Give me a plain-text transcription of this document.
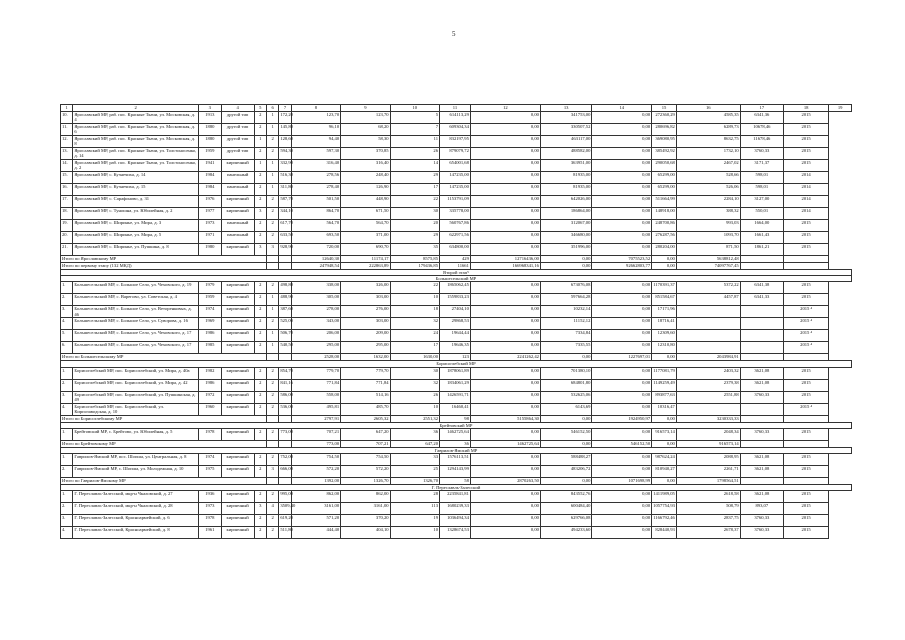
5
1	2	3	4	5	6	7	8	9	10	11	12	13	14	15	16	17	18	19
10.	Ярославский МР, раб. пос. Красные Ткачи, ул. Московская, д. 4	1913	другой тип	2	1	172,20	123,70	123,70	5	614113,29	0,00	341753,00	0,00	272360,29	4585,35	6341,36	2015	
11.	Ярославский МР, раб. пос. Красные Ткачи, ул. Московская, д. 6	1880	другой тип	2	1	145,80	96,10	68,20	7	609304,34	0,00	330507,52	0,00	280696,82	6289,73	10678,46	2015	
12.	Ярославский МР, раб. пос. Красные Ткачи, ул. Московская, д. 8	1880	другой тип	1	2	128,60	94,40	58,30	11	832197,95	0,00	463117,00	0,00	369080,95	8632,75	11678,46	2015	
13.	Ярославский МР, раб. пос. Красные Ткачи, ул. Толстоносенко, д. 14	1959	другой тип	2	2	594,30	597,30	370,85	26	879079,72	0,00	488582,00	0,00	385492,92	1732,10	3760,33	2015	
14.	Ярославский МР, раб. пос. Красные Ткачи, ул. Толстоносенко, д. 2	1941	кирпичный	1	1	332,90	316,40	316,40	14	654001,68	0,00	363951,00	0,00	290050,68	2467,02	3171,37	2015	
15.	Ярославский МР, с. Кузнечиха, д. 14	1984	панельный	2	1	516,30	278,56	248,40	29	147235,00	0,00	81935,00	0,00	65299,00	528,66	598,01	2014	
16.	Ярославский МР, с. Кузнечиха, д. 15	1984	панельный	2	1	311,80	278,40	126,90	17	147235,00	0,00	81935,00	0,00	65299,00	526,06	598,01	2014	
17.	Ярославский МР, с. Сарафоново, д. 31	1976	кирпичный	2	2	587,70	501,50	448,90	22	1153791,09	0,00	642026,00	0,00	511664,99	2284,10	3127,00	2014	
18.	Ярославский МР, с. Туношна, ул. Юбилейная, д. 2	1977	кирпичный	3	2	344,10	864,70	671,50	30	335778,00	0,00	186864,00	0,00	148918,00	388,32	550,01	2014	
19.	Ярославский МР, с. Ширинье, ул. Мира, д. 3	1973	панельный	2	2	617,70	564,70	564,70	20	560767,86	0,00	312067,00	0,00	248700,86	993,03	1664,00	2015	
20.	Ярославский МР, с. Ширинье, ул. Мира, д. 5	1971	панельный	2	2	633,50	693,50	371,00	29	622971,56	0,00	346680,00	0,00	276287,56	1093,70	1661,43	2015	
21.	Ярославский МР, с. Ширинье, ул. Пушкина, д. 8	1980	кирпичный	3	3	928,90	720,00	690,70	35	634800,00	0,00	351996,00	0,00	280204,00	871,50	1861,21	2015	
Итого по Ярославскому МР							12640,30	11174,17	8575,85	429	12716436,00	0,00	7075523,52	0,00	5638812,48			
Итого по первому этапу (132 МКД)							247948,54	222863,89	179436,85	11661	166968341,16	0,00	92662803,77	0,00	74097767,45			
Второй этап$^5$
Большесельский МР																		
1.	Большесельский МР, с. Большое Село, ул. Чеховского, д. 19	1979	кирпичный	2	2	498,80	338,00	326,00	22	1865062,45	0,00	673076,08	0,00	1170391,37	5372,22	6341,38	2015	
2.	Большесельский МР, с. Варегово, ул. Советская, д. 4	1959	кирпичный	2	1	488,90	305,00	303,00	10	1559833,23	0,00	597664,28	0,00	851584,67	4457,87	6341,33	2015	
3.	Большесельский МР, с. Большое Село, ул. Веторенковых, д. 46	1974	кирпичный	2	1	387,60	278,00	276,00	18	27404,10	0,00	10232,14	0,00	17171,96			2015 ⁴	
4.	Большесельский МР, с. Большое Село, ул. Суворова, д. 16	1969	кирпичный	2	2	525,00	343,00	303,00	32	29868,53	0,00	11152,12	0,00	18716,41			2015 ⁴	
5.	Большесельский МР, с. Большое Село, ул. Чеховского, д. 17	1986	кирпичный	2	1	506,70	206,00	209,00	24	19644,44	0,00	7334,84	0,00	12309,60			2015 ⁴	
6.	Большесельский МР, с. Большое Село, ул. Чеховского, д. 17	1985	кирпичный	2	1	540,50	295,00	295,00	17	19646,35	0,00	7335,55	0,00	12310,80			2015 ⁴	
Итого по Большесельскому МР							2528,00	1632,00	1630,00	123	2241262,42	0,00	1227697,01	0,00	2043984,91			
Борисоглебский МР																		
1.	Борисоглебский МР, пос. Борисоглебский, ул. Мира, д. 40а	1982	кирпичный	2	2	854,70	779,70	779,70	30	1878061,89	0,00	701380,10	0,00	1177081,79	2403,32	3621,08	2015	
2.	Борисоглебский МР, пос. Борисоглебский, ул. Мира, д. 42	1986	кирпичный	2	2	841,16	771,84	771,84	32	1834061,29	0,00	684801,80	0,00	1149259,49	2379,38	3621,08	2015	
3.	Борисоглебский МР, пос. Борисоглебский, ул. Пушкинская, д. 49	1972	кирпичный	2	2	586,00	558,00	514,16	26	1426591,71	0,00	532625,06	0,00	893877,63	2551,88	3760,33	2015	
4.	Борисоглебский МР, пос. Борисоглебский, ул. Кирпозаводская, д. 10	1960	кирпичный	2	2	536,00	495,81	485,70	10	16460,41	0,00	6143,69	0,00	10316,47			2015 ⁴	
Итого по Борисоглебскому МР							2797,91	2605,32	2551,32	98	5155864,30	0,00	1924950,97	0,00	3230333,33			
Брейтовский МР																		
1.	Брейтовский МР, с. Брейтово, ул. Юбилейная, д. 5	1978	кирпичный	2	2	773,00	707,21	647,20	36	1462725,64	0,00	546152,50	0,00	916573,14	2048,34	3760,33	2015	
Итого по Брейтовскому МР							773,00	707,21	647,20	36	1462725,64	0,00	546152,50	0,00	916573,14			
Гаврилов-Ямский МР																		
1.	Гаврилов-Ямский МР, пос. Шопша, ул. Центральная, д. 8	1974	кирпичный	2	2	752,00	754,50	754,50	33	1576113,51	0,00	588488,27	0,00	987624,24	2088,95	3621,08	2015	
2.	Гаврилов-Ямский МР, с. Шопша, ул. Молодежная, д. 10	1975	кирпичный	2	3	666,00	572,20	572,20	25	1294143,99	0,00	483206,72	0,00	810940,27	2261,71	3621,08	2015	
Итого по Гаврилов-Ямскому МР							1392,00	1326,70	1326,70	58	2870263,50	0,00	1071698,99	0,00	1798564,51			
Г. Переславль-Залесский																		
1.	Г. Переславль-Залесский, мкр-н Чкаловский, д. 27	1936	кирпичный	2	2	995,00	862,00	862,00	28	2235841,81	0,00	843552,76	0,00	1411989,05	2618,58	3621,08	2015	
2.	Г. Переславль-Залесский, мкр-н Чкаловский, д. 28	1973	кирпичный	3	4	3509,40	3161,00	3161,00	113	1680239,33	0,00	600484,40	0,00	1057754,93	508,79	893,07	2015	
3.	Г. Переславль-Залесский, Красноармейский, д. 6	1978	кирпичный	2	2	619,20	571,20	370,20	19	1036494,34	0,00	629766,08	0,00	1166792,46	2837,75	3760,33	2015	
4.	Г. Переславль-Залесский, Красноармейский, д. 8	1961	кирпичный	2	2	511,80	444,40	404,10	10	1328674,53	0,00	494233,60	0,00	828440,93	2678,37	3760,33	2015	
